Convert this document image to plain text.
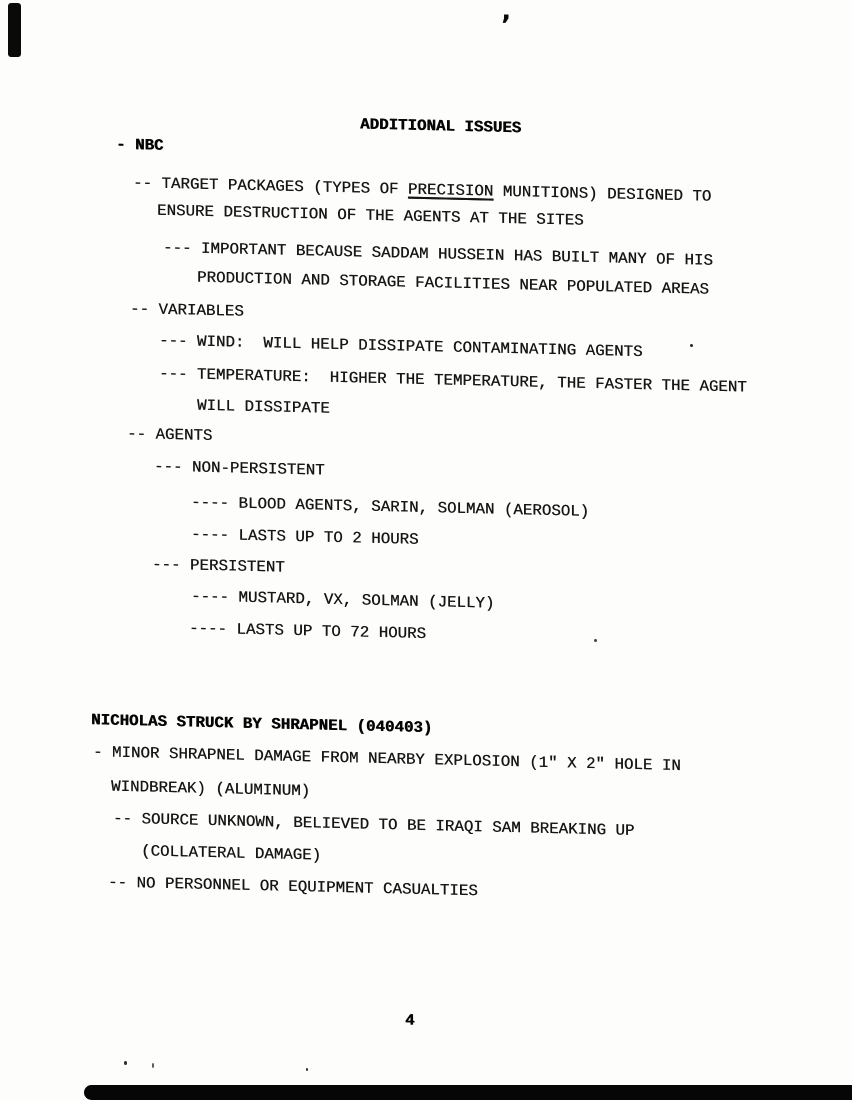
’
ADDITIONAL ISSUES
- NBC
-- TARGET PACKAGES (TYPES OF PRECISION MUNITIONS) DESIGNED TO
ENSURE DESTRUCTION OF THE AGENTS AT THE SITES
--- IMPORTANT BECAUSE SADDAM HUSSEIN HAS BUILT MANY OF HIS
PRODUCTION AND STORAGE FACILITIES NEAR POPULATED AREAS
-- VARIABLES
--- WIND:  WILL HELP DISSIPATE CONTAMINATING AGENTS
--- TEMPERATURE:  HIGHER THE TEMPERATURE, THE FASTER THE AGENT
WILL DISSIPATE
-- AGENTS
--- NON-PERSISTENT
---- BLOOD AGENTS, SARIN, SOLMAN (AEROSOL)
---- LASTS UP TO 2 HOURS
--- PERSISTENT
---- MUSTARD, VX, SOLMAN (JELLY)
---- LASTS UP TO 72 HOURS
NICHOLAS STRUCK BY SHRAPNEL (040403)
- MINOR SHRAPNEL DAMAGE FROM NEARBY EXPLOSION (1" X 2" HOLE IN
WINDBREAK) (ALUMINUM)
-- SOURCE UNKNOWN, BELIEVED TO BE IRAQI SAM BREAKING UP
(COLLATERAL DAMAGE)
-- NO PERSONNEL OR EQUIPMENT CASUALTIES
4
